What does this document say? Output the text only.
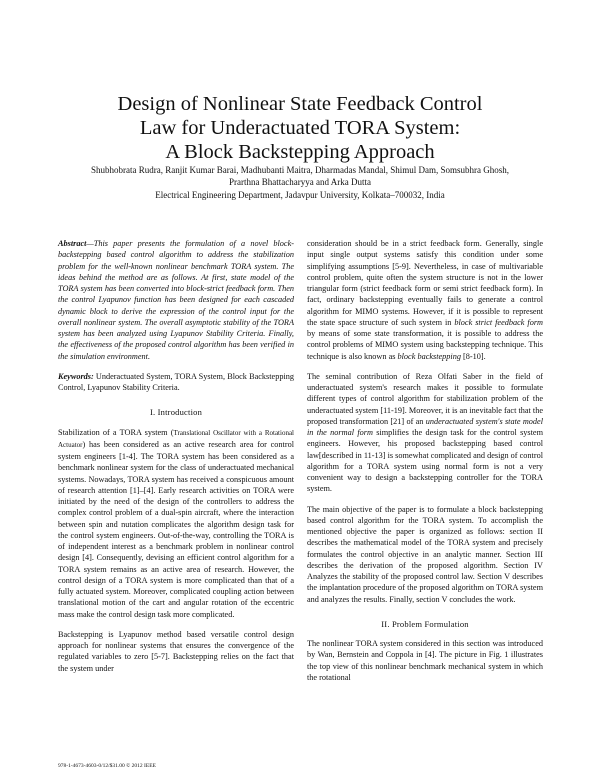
Design of Nonlinear State Feedback Control
Law for Underactuated TORA System:
A Block Backstepping Approach
Shubhobrata Rudra, Ranjit Kumar Barai, Madhubanti Maitra, Dharmadas Mandal, Shimul Dam, Somsubhra Ghosh,
Prarthna Bhattacharyya and Arka Dutta
Electrical Engineering Department, Jadavpur University, Kolkata–700032, India

Abstract—This paper presents the formulation of a novel block-backstepping based control algorithm to address the stabilization problem for the well-known nonlinear benchmark TORA system. The ideas behind the method are as follows. At first, state model of the TORA system has been converted into block-strict feedback form. Then the control Lyapunov function has been designed for each cascaded dynamic block to derive the expression of the control input for the overall nonlinear system. The overall asymptotic stability of the TORA system has been analyzed using Lyapunov Stability Criteria. Finally, the effectiveness of the proposed control algorithm has been verified in the simulation environment.

Keywords: Underactuated System, TORA System, Block Backstepping Control, Lyapunov Stability Criteria.

I. Introduction

Stabilization of a TORA system (Translational Oscillator with a Rotational Actuator) has been considered as an active research area for control system engineers [1-4]. The TORA system has been considered as a benchmark nonlinear system for the class of underactuated mechanical systems. Nowadays, TORA system has received a conspicuous amount of research attention [1]–[4]. Early research activities on TORA were initiated by the need of the design of the controllers to address the complex control problem of a dual-spin aircraft, where the interaction between spin and nutation complicates the algorithm design task for the control system engineers. Out-of-the-way, controlling the TORA is of independent interest as a benchmark problem in nonlinear control design [4]. Consequently, devising an efficient control algorithm for a TORA system remains as an active area of research. However, the control design of a TORA system is more complicated than that of a fully actuated system. Moreover, complicated coupling action between translational motion of the cart and angular rotation of the eccentric mass make the control design task more complicated.

Backstepping is Lyapunov method based versatile control design approach for nonlinear systems that ensures the convergence of the regulated variables to zero [5-7]. Backstepping relies on the fact that the system under

consideration should be in a strict feedback form. Generally, single input single output systems satisfy this condition under some simplifying assumptions [5-9]. Nevertheless, in case of multivariable control problem, quite often the system structure is not in the lower triangular form (strict feedback form or semi strict feedback form). In fact, ordinary backstepping eventually fails to generate a control algorithm for MIMO systems. However, if it is possible to represent the state space structure of such system in block strict feedback form by means of some state transformation, it is possible to address the control problems of MIMO system using backstepping technique. This technique is also known as block backstepping [8-10].

The seminal contribution of Reza Olfati Saber in the field of underactuated system's research makes it possible to formulate different types of control algorithm for stabilization problem of the underactuated system [11-19]. Moreover, it is an inevitable fact that the proposed transformation [21] of an underactuated system's state model in the normal form simplifies the design task for the control system engineers. However, his proposed backstepping based control law[described in 11-13] is somewhat complicated and design of control algorithm for a TORA system using normal form is not a very convenient way to design a backstepping controller for the TORA system.

The main objective of the paper is to formulate a block backstepping based control algorithm for the TORA system. To accomplish the mentioned objective the paper is organized as follows: section II describes the mathematical model of the TORA system and precisely formulates the control objective in an analytic manner. Section III describes the derivation of the proposed algorithm. Section IV Analyzes the stability of the proposed control law. Section V describes the implantation procedure of the proposed algorithm on TORA system and analyzes the results. Finally, section V concludes the work.

II. Problem Formulation

The nonlinear TORA system considered in this section was introduced by Wan, Bernstein and Coppola in [4]. The picture in Fig. 1 illustrates the top view of this nonlinear benchmark mechanical system in which the rotational

978-1-4673-4603-0/12/$31.00 © 2012 IEEE
